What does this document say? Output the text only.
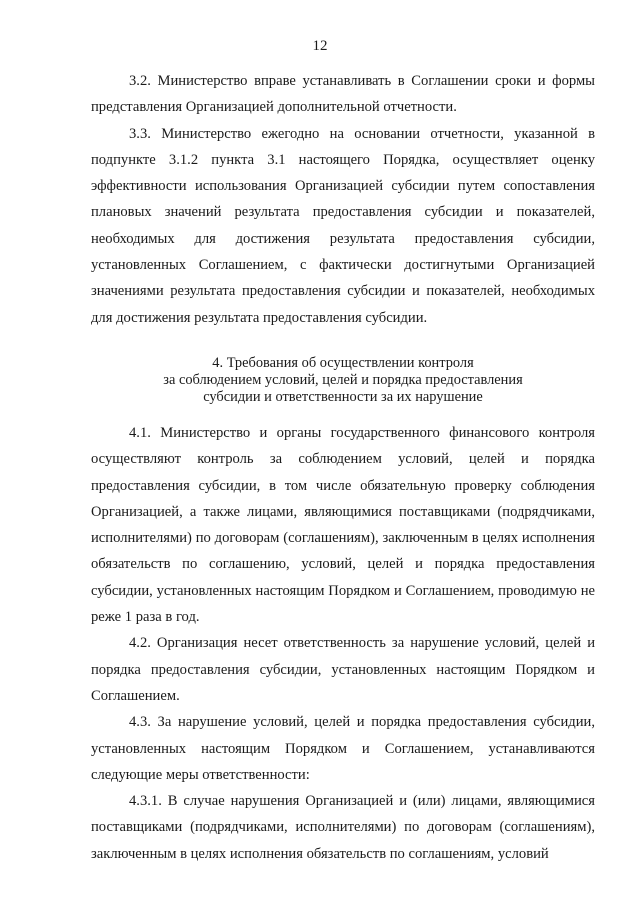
12

3.2. Министерство вправе устанавливать в Соглашении сроки и формы представления Организацией дополнительной отчетности.

3.3. Министерство ежегодно на основании отчетности, указанной в подпункте 3.1.2 пункта 3.1 настоящего Порядка, осуществляет оценку эффективности использования Организацией субсидии путем сопоставления плановых значений результата предоставления субсидии и показателей, необходимых для достижения результата предоставления субсидии, установленных Соглашением, с фактически достигнутыми Организацией значениями результата предоставления субсидии и показателей, необходимых для достижения результата предоставления субсидии.

4. Требования об осуществлении контроля
за соблюдением условий, целей и порядка предоставления
субсидии и ответственности за их нарушение

4.1. Министерство и органы государственного финансового контроля осуществляют контроль за соблюдением условий, целей и порядка предоставления субсидии, в том числе обязательную проверку соблюдения Организацией, а также лицами, являющимися поставщиками (подрядчиками, исполнителями) по договорам (соглашениям), заключенным в целях исполнения обязательств по соглашению, условий, целей и порядка предоставления субсидии, установленных настоящим Порядком и Соглашением, проводимую не реже 1 раза в год.

4.2. Организация несет ответственность за нарушение условий, целей и порядка предоставления субсидии, установленных настоящим Порядком и Соглашением.

4.3. За нарушение условий, целей и порядка предоставления субсидии, установленных настоящим Порядком и Соглашением, устанавливаются следующие меры ответственности:

4.3.1. В случае нарушения Организацией и (или) лицами, являющимися поставщиками (подрядчиками, исполнителями) по договорам (соглашениям), заключенным в целях исполнения обязательств по соглашениям, условий
